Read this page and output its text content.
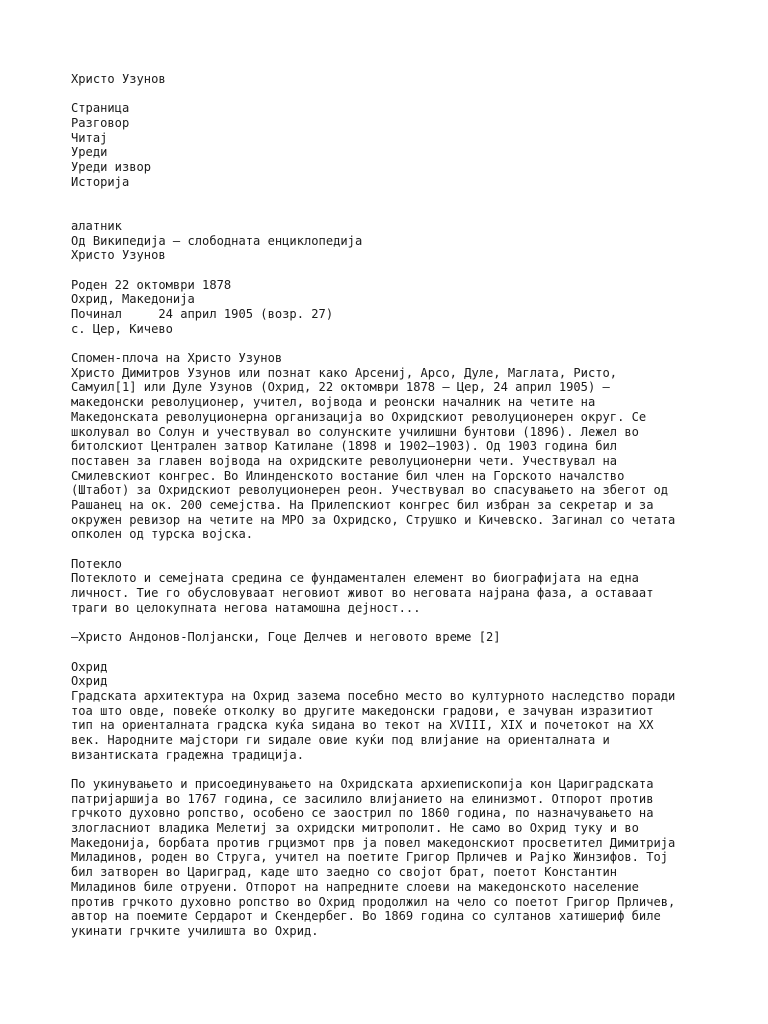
Христо Узунов
Страница
Разговор
Читај
Уреди
Уреди извор
Историја
алатник
Од Википедија — слободната енциклопедија
Христо Узунов
Роден 22 октомври 1878
Охрид, Македонија
Починал     24 април 1905 (возр. 27)
с. Цер, Кичево
Спомен-плоча на Христо Узунов
Христо Димитров Узунов или познат како Арсениј, Арсо, Дуле, Маглата, Ристо,
Самуил[1] или Дуле Узунов (Охрид, 22 октомври 1878 – Цер, 24 април 1905) —
македонски револуционер, учител, војвода и реонски началник на четите на
Македонската револуционерна организација во Охридскиот револуционерен округ. Се
школувал во Солун и учествувал во солунските училишни бунтови (1896). Лежел во
битолскиот Централен затвор Катилане (1898 и 1902–1903). Од 1903 година бил
поставен за главен војвода на охридските револуционерни чети. Учествувал на
Смилевскиот конгрес. Во Илинденското востание бил член на Горското началство
(Штабот) за Охридскиот револуционерен реон. Учествувал во спасувањето на збегот од
Рашанец на ок. 200 семејства. На Прилепскиот конгрес бил избран за секретар и за
окружен ревизор на четите на МРО за Охридско, Струшко и Кичевско. Загинал со четата
опколен од турска војска.
Потекло
Потеклото и семејната средина се фундаментален елемент во биографијата на една
личност. Тие го обусловуваат неговиот живот во неговата најрана фаза, а оставаат
траги во целокупната негова натамошна дејност...
—Христо Андонов-Полјански, Гоце Делчев и неговото време [2]
Охрид
Охрид
Градската архитектура на Охрид зазема посебно место во културното наследство поради
тоа што овде, повеќе отколку во другите македонски градови, е зачуван изразитиот
тип на ориенталната градска куќа sидана во текот на XVIII, XIX и почетокот на XX
век. Народните мајстори ги sидале овие куќи под влијание на ориенталната и
византиската градежна традиција.
По укинувањето и присоединувањето на Охридската архиепископија кон Цариградската
патријаршија во 1767 година, се засилило влијанието на елинизмот. Отпорот против
грчкото духовно ропство, особено се заострил по 1860 година, по назначувањето на
злогласниот владика Мелетиј за охридски митрополит. Не само во Охрид туку и во
Македонија, борбата против грцизмот прв ја повел македонскиот просветител Димитрија
Миладинов, роден во Струга, учител на поетите Григор Прличев и Рајко Жинзифов. Тој
бил затворен во Цариград, каде што заедно со својот брат, поетот Константин
Миладинов биле отруени. Отпорот на напредните слоеви на македонското население
против грчкото духовно ропство во Охрид продолжил на чело со поетот Григор Прличев,
автор на поемите Сердарот и Скендербег. Во 1869 година со султанов хатишериф биле
укинати грчките училишта во Охрид.
